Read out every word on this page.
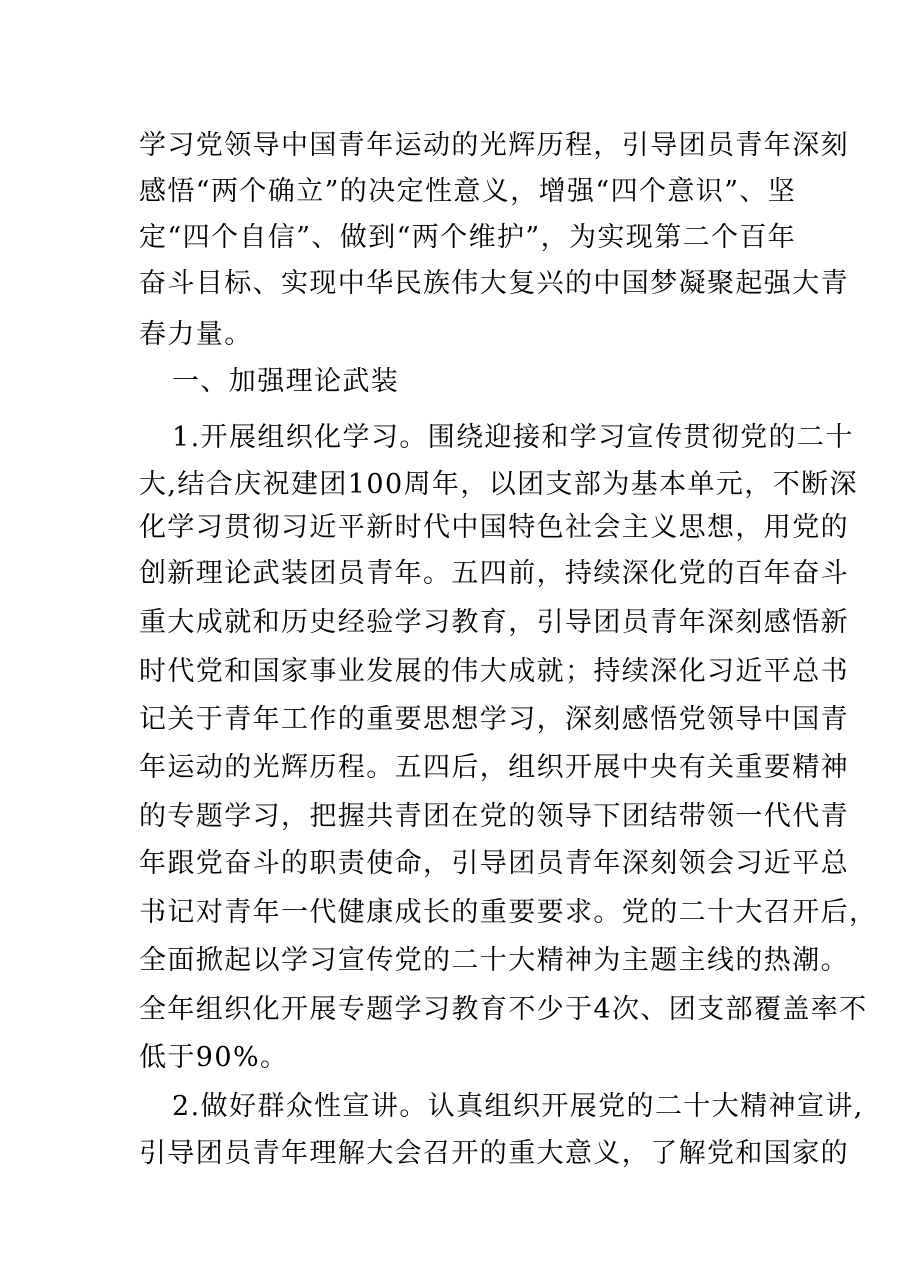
学习党领导中国青年运动的光辉历程，引导团员青年深刻
感悟“两个确立”的决定性意义，增强“四个意识”、坚
定“四个自信”、做到“两个维护”，为实现第二个百年
奋斗目标、实现中华民族伟大复兴的中国梦凝聚起强大青
春力量。
一、加强理论武装
1.开展组织化学习。围绕迎接和学习宣传贯彻党的二十
大,结合庆祝建团100周年，以团支部为基本单元，不断深
化学习贯彻习近平新时代中国特色社会主义思想，用党的
创新理论武装团员青年。五四前，持续深化党的百年奋斗
重大成就和历史经验学习教育，引导团员青年深刻感悟新
时代党和国家事业发展的伟大成就；持续深化习近平总书
记关于青年工作的重要思想学习，深刻感悟党领导中国青
年运动的光辉历程。五四后，组织开展中央有关重要精神
的专题学习，把握共青团在党的领导下团结带领一代代青
年跟党奋斗的职责使命，引导团员青年深刻领会习近平总
书记对青年一代健康成长的重要要求。党的二十大召开后，
全面掀起以学习宣传党的二十大精神为主题主线的热潮。
全年组织化开展专题学习教育不少于4次、团支部覆盖率不
低于90%。
2.做好群众性宣讲。认真组织开展党的二十大精神宣讲,
引导团员青年理解大会召开的重大意义，了解党和国家的
